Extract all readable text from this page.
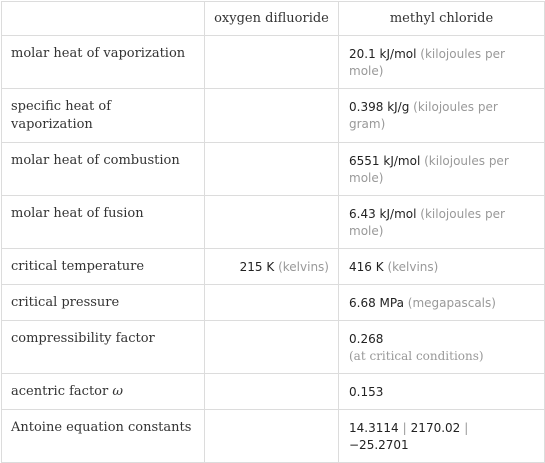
	oxygen difluoride	methyl chloride
molar heat of vaporization		20.1 kJ/mol (kilojoules per mole)
specific heat of vaporization		0.398 kJ/g (kilojoules per gram)
molar heat of combustion		6551 kJ/mol (kilojoules per mole)
molar heat of fusion		6.43 kJ/mol (kilojoules per mole)
critical temperature	215 K (kelvins)	416 K (kelvins)
critical pressure		6.68 MPa (megapascals)
compressibility factor		0.268
(at critical conditions)

acentric factor ω		0.153
Antoine equation constants		14.3114 | 2170.02 |
−25.2701
